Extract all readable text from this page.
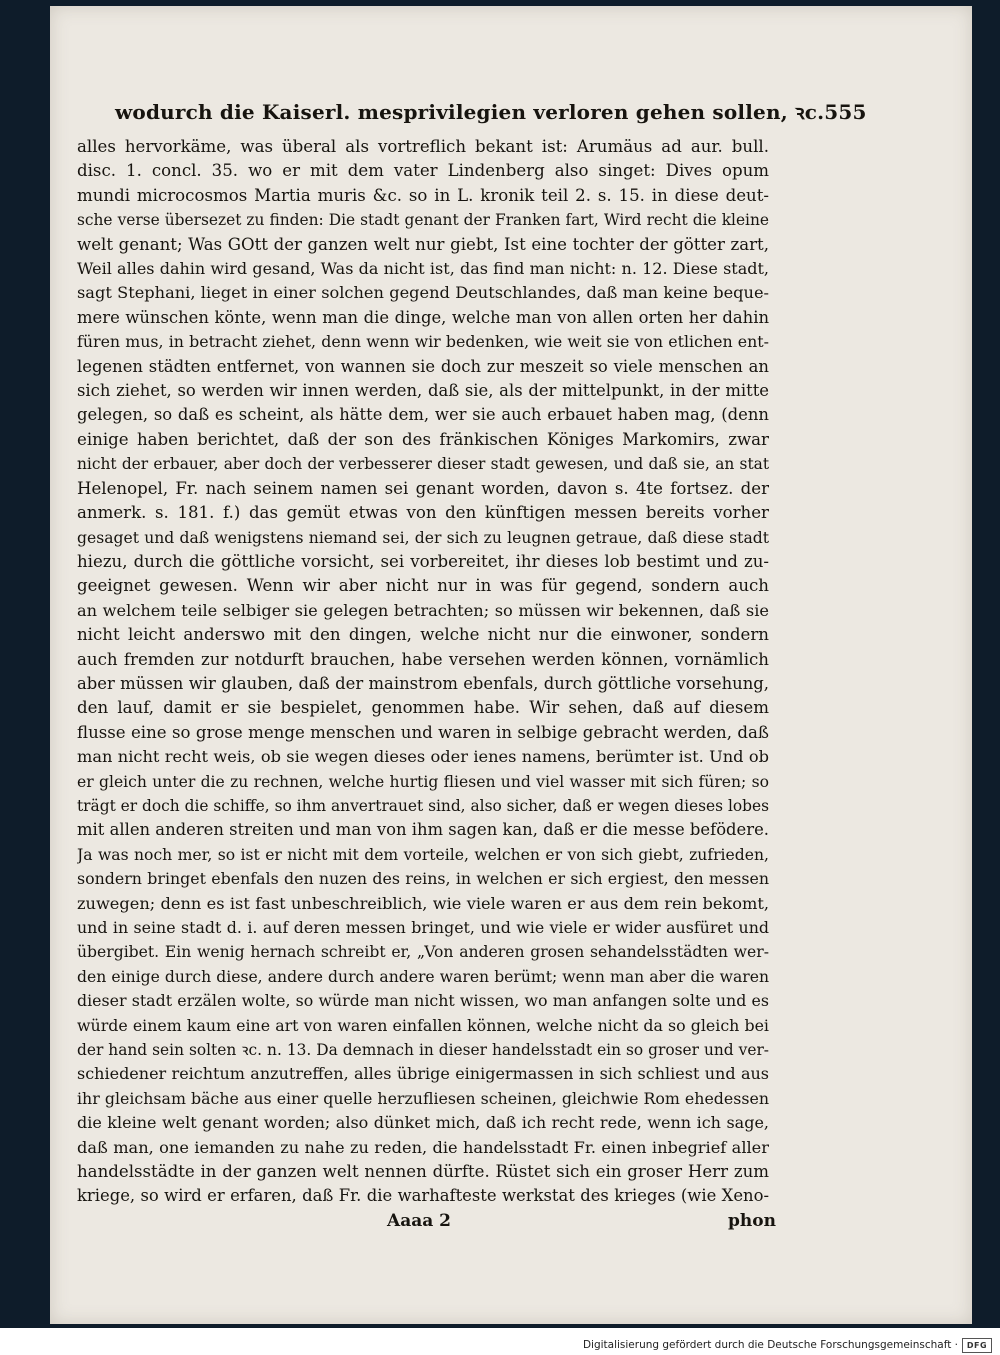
wodurch die Kaiserl. mesprivilegien verloren gehen sollen, ꝛc. 555
alles hervorkäme, was überal als vortreflich bekant ist: Arumäus ad aur. bull.
disc. 1. concl. 35. wo er mit dem vater Lindenberg also singet: Dives opum
mundi microcosmos Martia muris &c. so in L. kronik teil 2. s. 15. in diese deut-
sche verse übersezet zu finden: Die stadt genant der Franken fart, Wird recht die kleine
welt genant; Was GOtt der ganzen welt nur giebt, Ist eine tochter der götter zart,
Weil alles dahin wird gesand, Was da nicht ist, das find man nicht: n. 12. Diese stadt,
sagt Stephani, lieget in einer solchen gegend Deutschlandes, daß man keine beque-
mere wünschen könte, wenn man die dinge, welche man von allen orten her dahin
füren mus, in betracht ziehet, denn wenn wir bedenken, wie weit sie von etlichen ent-
legenen städten entfernet, von wannen sie doch zur meszeit so viele menschen an
sich ziehet, so werden wir innen werden, daß sie, als der mittelpunkt, in der mitte
gelegen, so daß es scheint, als hätte dem, wer sie auch erbauet haben mag, (denn
einige haben berichtet, daß der son des fränkischen Königes Markomirs, zwar
nicht der erbauer, aber doch der verbesserer dieser stadt gewesen, und daß sie, an stat
Helenopel, Fr. nach seinem namen sei genant worden, davon s. 4te fortsez. der
anmerk. s. 181. f.) das gemüt etwas von den künftigen messen bereits vorher
gesaget und daß wenigstens niemand sei, der sich zu leugnen getraue, daß diese stadt
hiezu, durch die göttliche vorsicht, sei vorbereitet, ihr dieses lob bestimt und zu-
geeignet gewesen. Wenn wir aber nicht nur in was für gegend, sondern auch
an welchem teile selbiger sie gelegen betrachten; so müssen wir bekennen, daß sie
nicht leicht anderswo mit den dingen, welche nicht nur die einwoner, sondern
auch fremden zur notdurft brauchen, habe versehen werden können, vornämlich
aber müssen wir glauben, daß der mainstrom ebenfals, durch göttliche vorsehung,
den lauf, damit er sie bespielet, genommen habe. Wir sehen, daß auf diesem
flusse eine so grose menge menschen und waren in selbige gebracht werden, daß
man nicht recht weis, ob sie wegen dieses oder ienes namens, berümter ist. Und ob
er gleich unter die zu rechnen, welche hurtig fliesen und viel wasser mit sich füren; so
trägt er doch die schiffe, so ihm anvertrauet sind, also sicher, daß er wegen dieses lobes
mit allen anderen streiten und man von ihm sagen kan, daß er die messe befödere.
Ja was noch mer, so ist er nicht mit dem vorteile, welchen er von sich giebt, zufrieden,
sondern bringet ebenfals den nuzen des reins, in welchen er sich ergiest, den messen
zuwegen; denn es ist fast unbeschreiblich, wie viele waren er aus dem rein bekomt,
und in seine stadt d. i. auf deren messen bringet, und wie viele er wider ausfüret und
übergibet. Ein wenig hernach schreibt er, „Von anderen grosen sehandelsstädten wer-
den einige durch diese, andere durch andere waren berümt; wenn man aber die waren
dieser stadt erzälen wolte, so würde man nicht wissen, wo man anfangen solte und es
würde einem kaum eine art von waren einfallen können, welche nicht da so gleich bei
der hand sein solten ꝛc. n. 13. Da demnach in dieser handelsstadt ein so groser und ver-
schiedener reichtum anzutreffen, alles übrige einigermassen in sich schliest und aus
ihr gleichsam bäche aus einer quelle herzufliesen scheinen, gleichwie Rom ehedessen
die kleine welt genant worden; also dünket mich, daß ich recht rede, wenn ich sage,
daß man, one iemanden zu nahe zu reden, die handelsstadt Fr. einen inbegrief aller
handelsstädte in der ganzen welt nennen dürfte. Rüstet sich ein groser Herr zum
kriege, so wird er erfaren, daß Fr. die warhafteste werkstat des krieges (wie Xeno-
Aaaa 2	phon
Digitalisierung gefördert durch die Deutsche Forschungsgemeinschaft ·	DFG
